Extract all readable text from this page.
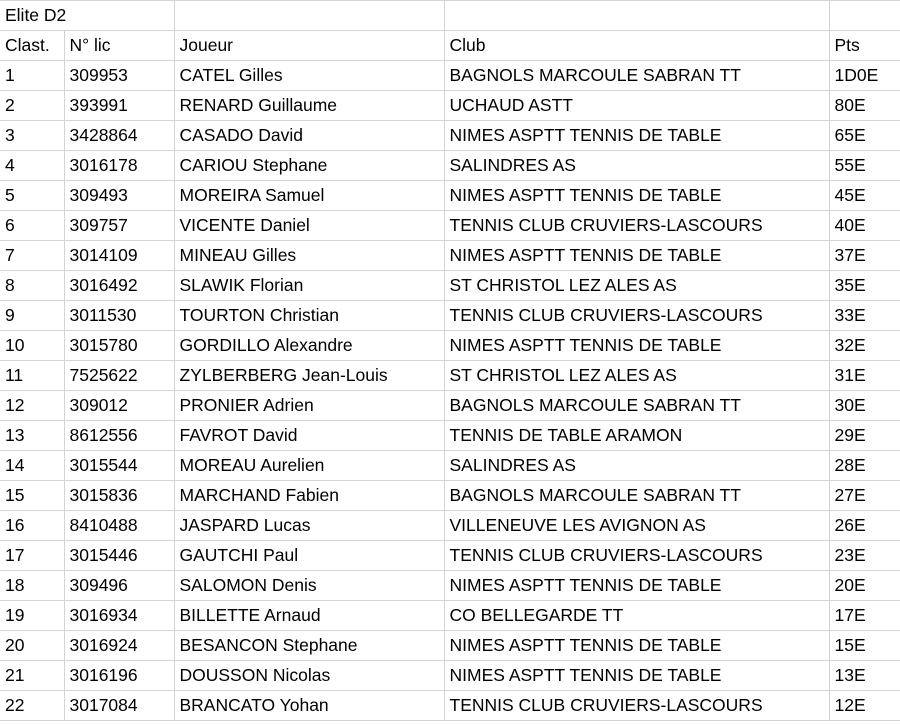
Elite D2				
Clast.	N° lic	Joueur	Club	Pts
1	309953	CATEL Gilles	BAGNOLS MARCOULE SABRAN TT	1D0E
2	393991	RENARD Guillaume	UCHAUD ASTT	80E
3	3428864	CASADO David	NIMES ASPTT TENNIS DE TABLE	65E
4	3016178	CARIOU Stephane	SALINDRES AS	55E
5	309493	MOREIRA Samuel	NIMES ASPTT TENNIS DE TABLE	45E
6	309757	VICENTE Daniel	TENNIS CLUB CRUVIERS-LASCOURS	40E
7	3014109	MINEAU Gilles	NIMES ASPTT TENNIS DE TABLE	37E
8	3016492	SLAWIK Florian	ST CHRISTOL LEZ ALES AS	35E
9	3011530	TOURTON Christian	TENNIS CLUB CRUVIERS-LASCOURS	33E
10	3015780	GORDILLO Alexandre	NIMES ASPTT TENNIS DE TABLE	32E
11	7525622	ZYLBERBERG Jean-Louis	ST CHRISTOL LEZ ALES AS	31E
12	309012	PRONIER Adrien	BAGNOLS MARCOULE SABRAN TT	30E
13	8612556	FAVROT David	TENNIS DE TABLE ARAMON	29E
14	3015544	MOREAU Aurelien	SALINDRES AS	28E
15	3015836	MARCHAND Fabien	BAGNOLS MARCOULE SABRAN TT	27E
16	8410488	JASPARD Lucas	VILLENEUVE LES AVIGNON AS	26E
17	3015446	GAUTCHI Paul	TENNIS CLUB CRUVIERS-LASCOURS	23E
18	309496	SALOMON Denis	NIMES ASPTT TENNIS DE TABLE	20E
19	3016934	BILLETTE Arnaud	CO BELLEGARDE TT	17E
20	3016924	BESANCON Stephane	NIMES ASPTT TENNIS DE TABLE	15E
21	3016196	DOUSSON Nicolas	NIMES ASPTT TENNIS DE TABLE	13E
22	3017084	BRANCATO Yohan	TENNIS CLUB CRUVIERS-LASCOURS	12E
